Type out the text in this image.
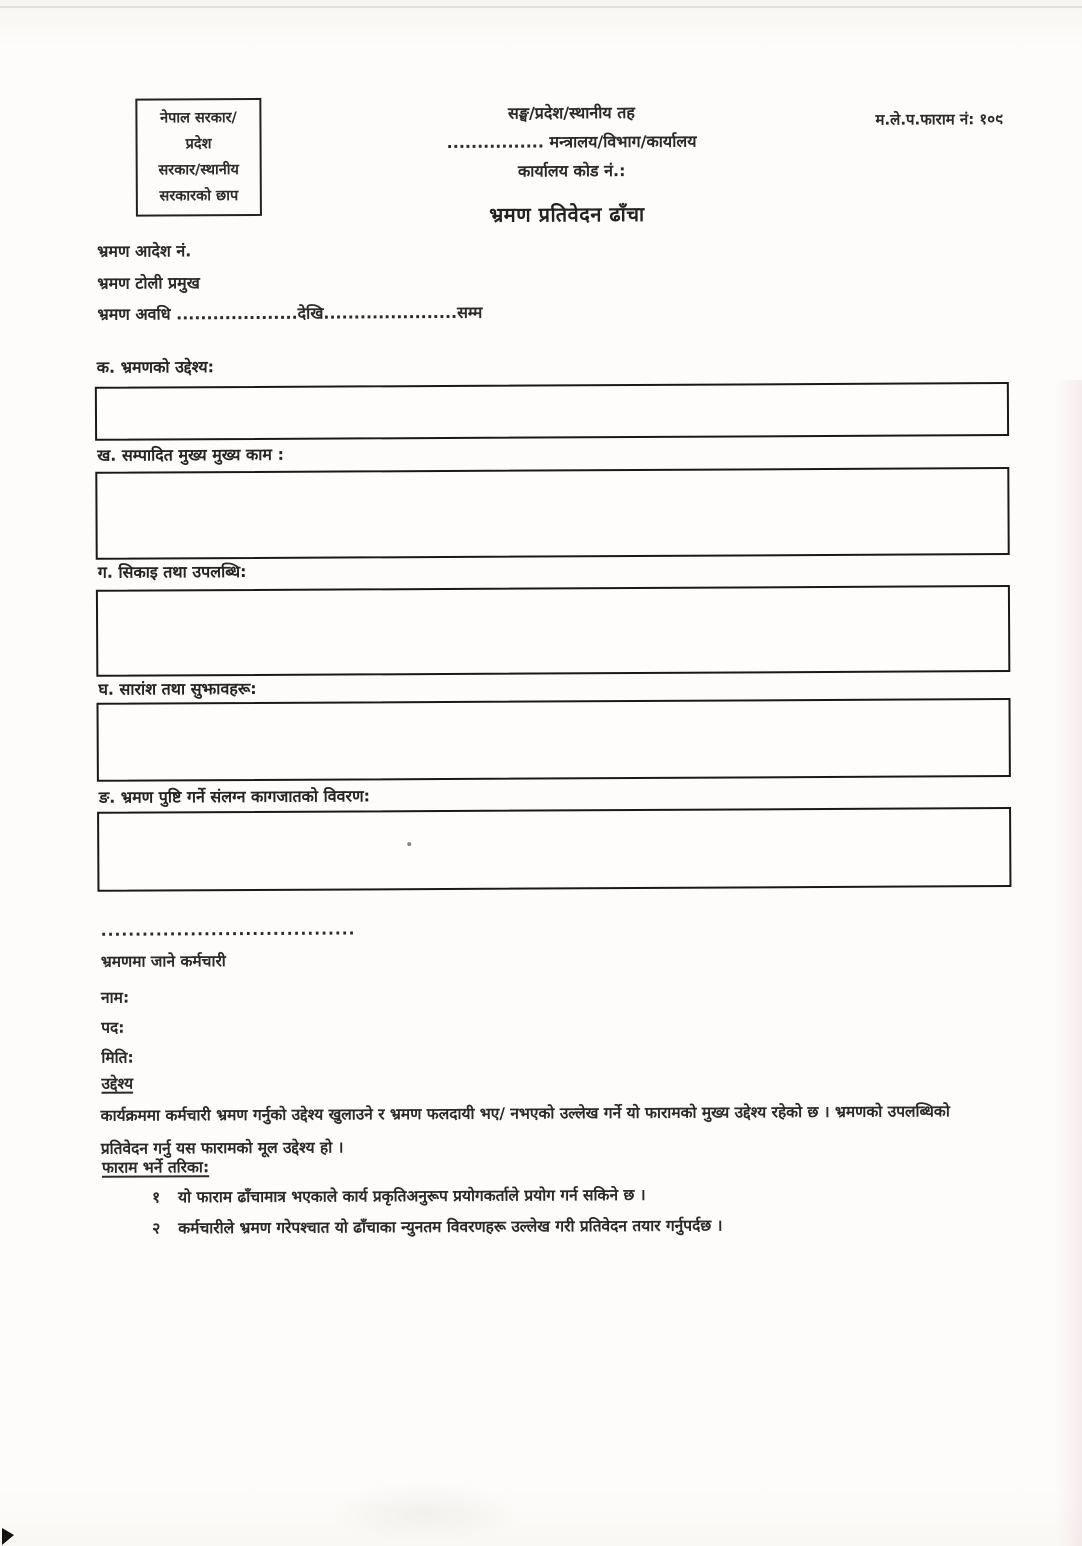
नेपाल सरकार/
प्रदेश
सरकार/स्थानीय
सरकारको छाप
सङ्घ/प्रदेश/स्थानीय तह
................ मन्त्रालय/विभाग/कार्यालय
कार्यालय कोड नं.:
म.ले.प.फाराम नं: १०९
भ्रमण प्रतिवेदन ढाँचा
भ्रमण आदेश नं.
भ्रमण टोली प्रमुख
भ्रमण अवधि ....................देखि......................सम्म
क. भ्रमणको उद्देश्य:
ख. सम्पादित मुख्य मुख्य काम :
ग. सिकाइ तथा उपलब्धि:
घ. सारांश तथा सुझावहरू:
ङ. भ्रमण पुष्टि गर्ने संलग्न कागजातको विवरण:
.....................................
भ्रमणमा जाने कर्मचारी
नाम:
पद:
मिति:
उद्देश्य
कार्यक्रममा कर्मचारी भ्रमण गर्नुको उद्देश्य खुलाउने र भ्रमण फलदायी भए/ नभएको उल्लेख गर्ने यो फारामको मुख्य उद्देश्य रहेको छ । भ्रमणको उपलब्धिको प्रतिवेदन गर्नु यस फारामको मूल उद्देश्य हो ।
फाराम भर्ने तरिका:
१ यो फाराम ढाँचामात्र भएकाले कार्य प्रकृतिअनुरूप प्रयोगकर्ताले प्रयोग गर्न सकिने छ ।
२ कर्मचारीले भ्रमण गरेपश्चात यो ढाँचाका न्युनतम विवरणहरू उल्लेख गरी प्रतिवेदन तयार गर्नुपर्दछ ।
